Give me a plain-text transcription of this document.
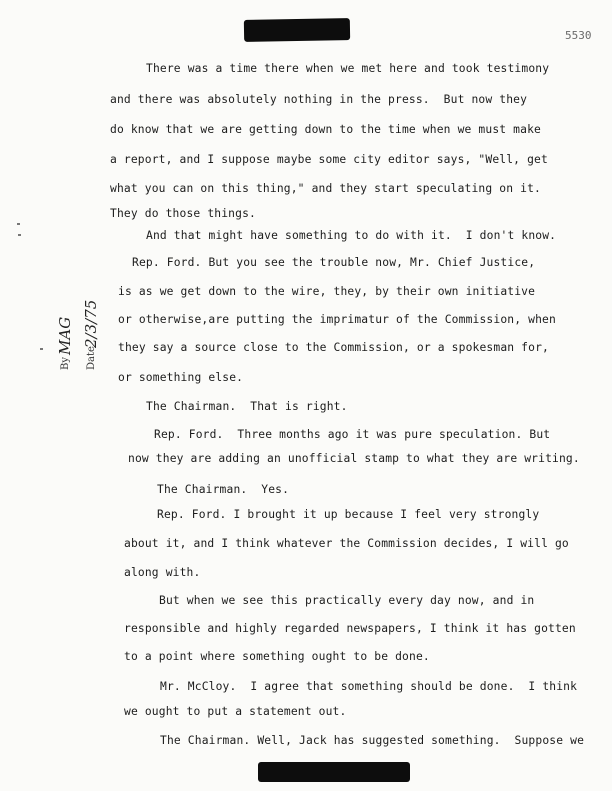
5530
By
MAG
Date
2/3/75
There was a time there when we met here and took testimony
and there was absolutely nothing in the press.  But now they
do know that we are getting down to the time when we must make
a report, and I suppose maybe some city editor says, "Well, get
what you can on this thing," and they start speculating on it.
They do those things.
And that might have something to do with it.  I don't know.
Rep. Ford. But you see the trouble now, Mr. Chief Justice,
is as we get down to the wire, they, by their own initiative
or otherwise,are putting the imprimatur of the Commission, when
they say a source close to the Commission, or a spokesman for,
or something else.
The Chairman.  That is right.
Rep. Ford.  Three months ago it was pure speculation. But
now they are adding an unofficial stamp to what they are writing.
The Chairman.  Yes.
Rep. Ford. I brought it up because I feel very strongly
about it, and I think whatever the Commission decides, I will go
along with.
But when we see this practically every day now, and in
responsible and highly regarded newspapers, I think it has gotten
to a point where something ought to be done.
Mr. McCloy.  I agree that something should be done.  I think
we ought to put a statement out.
The Chairman. Well, Jack has suggested something.  Suppose we
